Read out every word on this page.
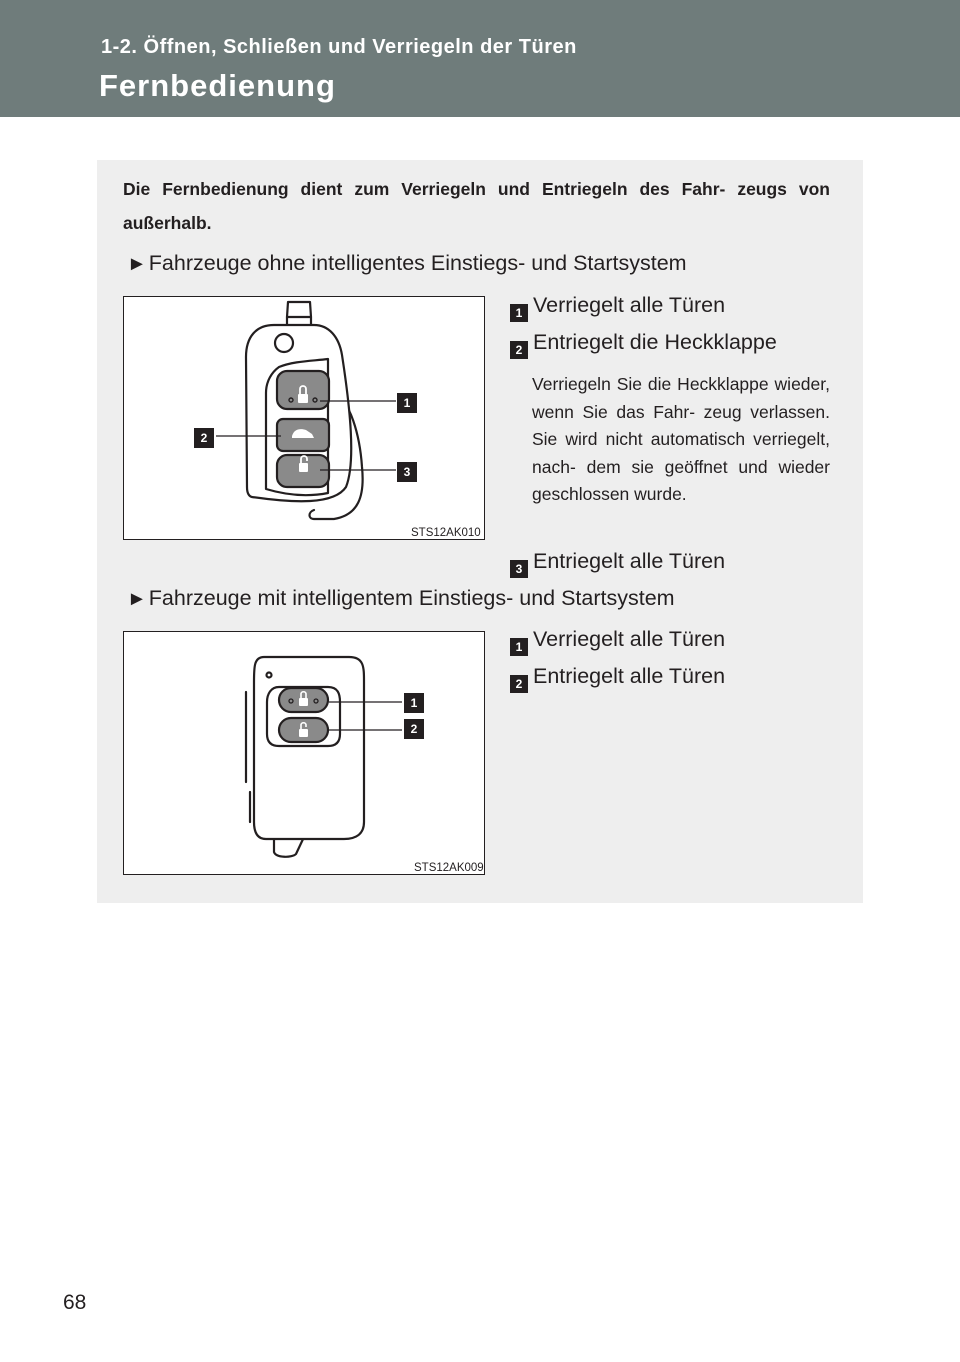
1-2. Öffnen, Schließen und Verriegeln der Türen
Fernbedienung
Die Fernbedienung dient zum Verriegeln und Entriegeln des Fahr- zeugs von außerhalb.
►Fahrzeuge ohne intelligentes Einstiegs- und Startsystem
1
2
3
STS12AK010
1 Verriegelt alle Türen
2 Entriegelt die Heckklappe
Verriegeln Sie die Heckklappe wieder, wenn Sie das Fahr- zeug verlassen. Sie wird nicht automatisch verriegelt, nach- dem sie geöffnet und wieder geschlossen wurde.
3 Entriegelt alle Türen
►Fahrzeuge mit intelligentem Einstiegs- und Startsystem
1
2
STS12AK009
1 Verriegelt alle Türen
2 Entriegelt alle Türen
68
